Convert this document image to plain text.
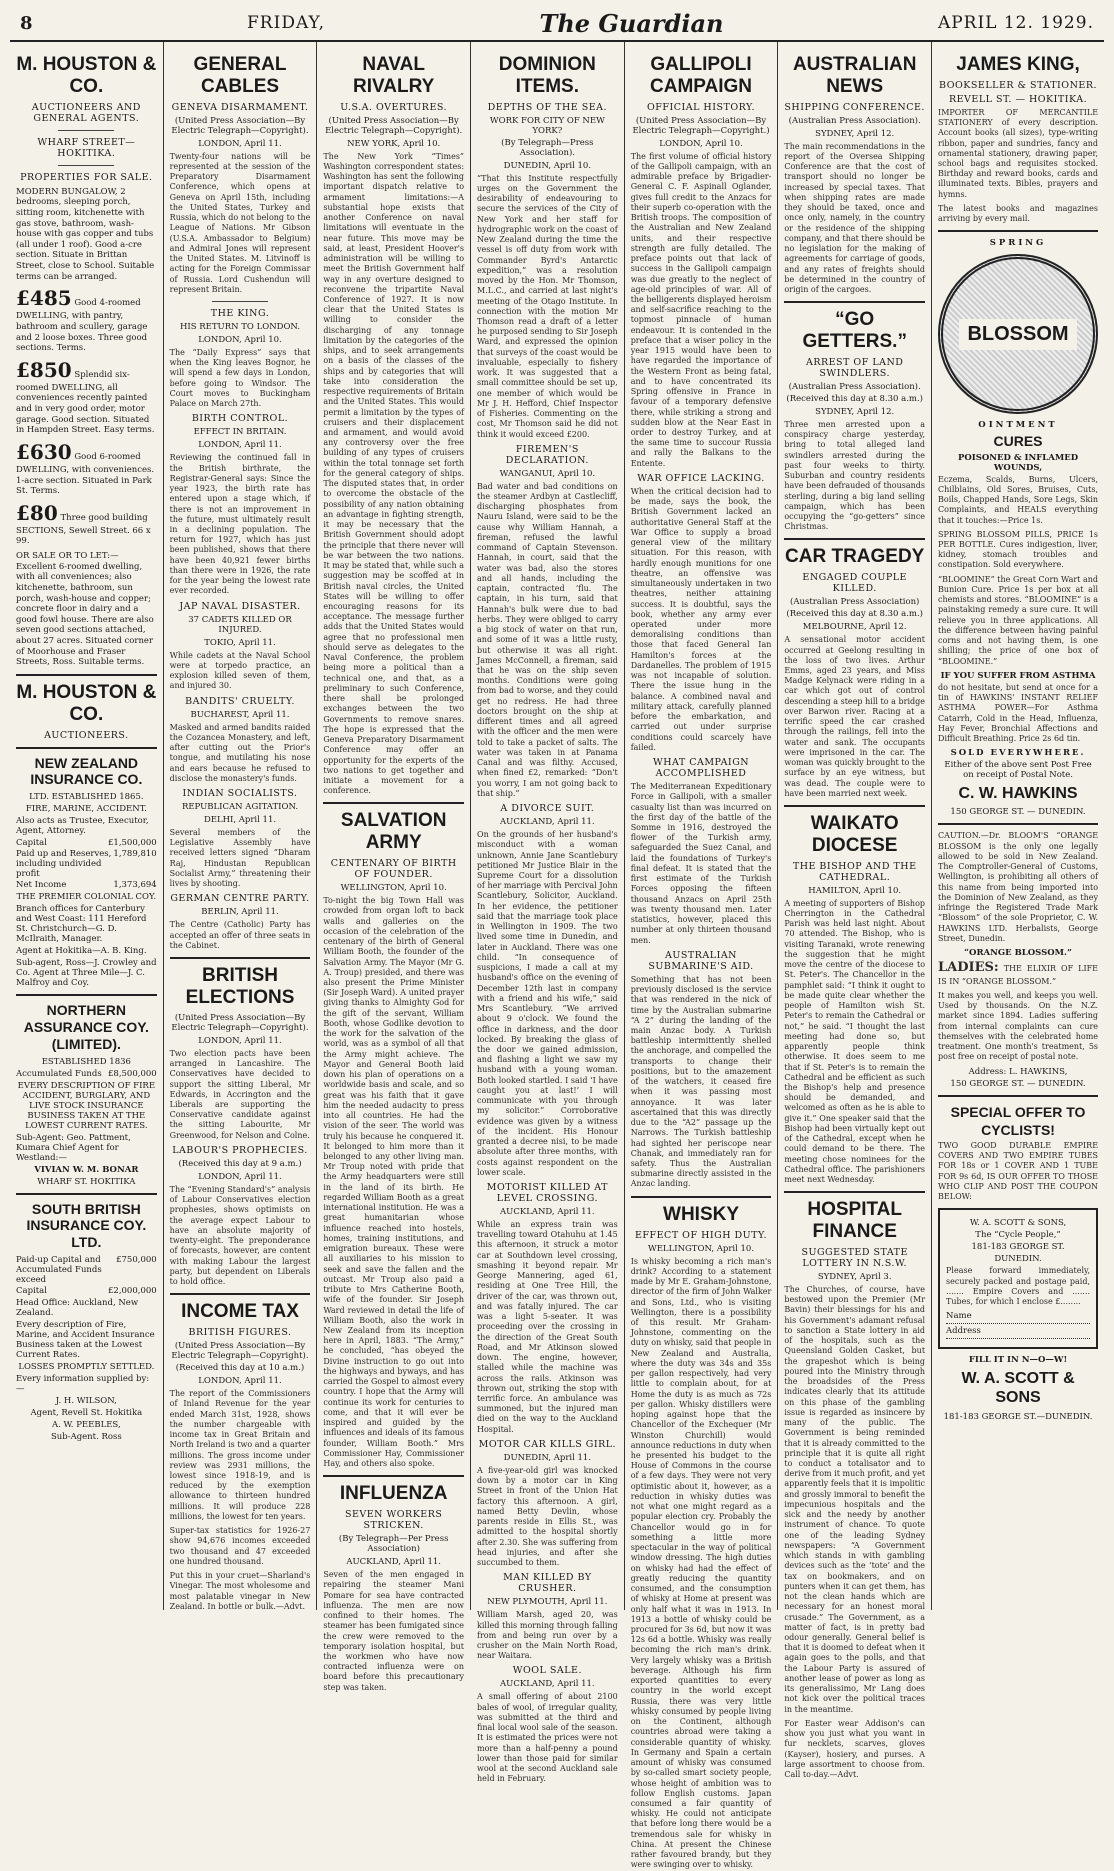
8	FRIDAY,	The Guardian	APRIL 12. 1929.
M. HOUSTON & CO.
AUCTIONEERS AND GENERAL AGENTS.
WHARF STREET—HOKITIKA.
PROPERTIES FOR SALE.
MODERN BUNGALOW, 2 bedrooms, sleeping porch, sitting room, kitchenette with gas stove, bathroom, wash-house with gas copper and tubs (all under 1 roof). Good a-cre section. Situate in Brittan Street, close to School. Suitable terms can be arranged.
£485 Good 4-roomed DWELLING, with pantry, bathroom and scullery, garage and 2 loose boxes. Three good sections. Terms.
£850 Splendid six-roomed DWELLING, all conveniences recently painted and in very good order, motor garage. Good section. Situated in Hampden Street. Easy terms.
£630 Good 6-roomed DWELLING, with conveniences. 1-acre section. Situated in Park St. Terms.
£80 Three good building SECTIONS, Sewell Street. 66 x 99.
OR SALE OR TO LET:—Excellent 6-roomed dwelling, with all conveniences; also kitchenette, bathroom, sun porch, wash-house and copper; concrete floor in dairy and a good fowl house. There are also seven good sections attached, about 27 acres. Situated corner of Moorhouse and Fraser Streets, Ross. Suitable terms.
M. HOUSTON & CO.
AUCTIONEERS.
NEW ZEALAND INSURANCE CO.
LTD. ESTABLISHED 1865.
FIRE, MARINE, ACCIDENT.
Also acts as Trustee, Executor, Agent, Attorney.
Capital	£1,500,000
Paid up and Reserves, including undivided profit
1,789,810
Net Income	1,373,694
THE PREMIER COLONIAL COY.
Branch offices for Canterbury and West Coast: 111 Hereford St. Christchurch—G. D. McIlraith, Manager.
Agent at Hokitika—A. B. King.
Sub-agent, Ross—J. Crowley and Co. Agent at Three Mile—J. C. Malfroy and Coy.
NORTHERN ASSURANCE COY. (LIMITED).
ESTABLISHED 1836
Accumulated Funds £8,500,000
EVERY DESCRIPTION OF FIRE ACCIDENT, BURGLARY, AND LIVE STOCK INSURANCE BUSINESS TAKEN AT THE LOWEST CURRENT RATES.
Sub-Agent: Geo. Pattment, Kumara Chief Agent for Westland:—
VIVIAN W. M. BONAR
WHARF ST. HOKITIKA
SOUTH BRITISH INSURANCE COY. LTD.
Paid-up Capital and Accumulated Funds exceed
£750,000
Capital	£2,000,000
Head Office: Auckland, New Zealand.
Every description of Fire, Marine, and Accident Insurance Business taken at the Lowest Current Rates.
LOSSES PROMPTLY SETTLED.
Every information supplied by:—
J. H. WILSON,
Agent, Revell St. Hokitika
A. W. PEEBLES,
Sub-Agent. Ross
GENERAL CABLES
GENEVA DISARMAMENT.
(United Press Association—By Electric Telegraph—Copyright).
LONDON, April 11.
Twenty-four nations will be represented at the session of the Preparatory Disarmament Conference, which opens at Geneva on April 15th, including the United States, Turkey and Russia, which do not belong to the League of Nations. Mr Gibson (U.S.A. Ambassador to Belgium) and Admiral Jones will represent the United States. M. Litvinoff is acting for the Foreign Commissar of Russia. Lord Cushendun will represent Britain.
THE KING.
HIS RETURN TO LONDON.
LONDON, April 10.
The “Daily Express” says that when the King leaves Bognor, he will spend a few days in London, before going to Windsor. The Court moves to Buckingham Palace on March 27th.
BIRTH CONTROL.
EFFECT IN BRITAIN.
LONDON, April 11.
Reviewing the continued fall in the British birthrate, the Registrar-General says: Since the year 1923, the birth rate has entered upon a stage which, if there is not an improvement in the future, must ultimately result in a declining population. The return for 1927, which has just been published, shows that there have been 40,921 fewer births than there were in 1926, the rate for the year being the lowest rate ever recorded.
JAP NAVAL DISASTER.
37 CADETS KILLED OR INJURED.
TOKIO, April 11.
While cadets at the Naval School were at torpedo practice, an explosion killed seven of them, and injured 30.
BANDITS' CRUELTY.
BUCHAREST, April 11.
Masked and armed bandits raided the Cozancea Monastery, and left, after cutting out the Prior's tongue, and mutilating his nose and ears because he refused to disclose the monastery's funds.
INDIAN SOCIALISTS.
REPUBLICAN AGITATION.
DELHI, April 11.
Several members of the Legislative Assembly have received letters signed “Dharam Raj, Hindustan Republican Socialist Army,” threatening their lives by shooting.
GERMAN CENTRE PARTY.
BERLIN, April 11.
The Centre (Catholic) Party has accepted an offer of three seats in the Cabinet.
BRITISH ELECTIONS
(United Press Association—By Electric Telegraph—Copyright).
LONDON, April 11.
Two election pacts have been arranged in Lancashire. The Conservatives have decided to support the sitting Liberal, Mr Edwards, in Accrington and the Liberals are supporting the Conservative candidate against the sitting Labourite, Mr Greenwood, for Nelson and Colne.
LABOUR'S PROPHECIES.
(Received this day at 9 a.m.)
LONDON, April 11.
The “Evening Standard's” analysis of Labour Conservatives election prophesies, shows optimists on the average expect Labour to have an absolute majority of twenty-eight. The preponderance of forecasts, however, are content with making Labour the largest party, but dependent on Liberals to hold office.
INCOME TAX
BRITISH FIGURES.
(United Press Association—By Electric Telegraph—Copyright).
(Received this day at 10 a.m.)
LONDON, April 11.
The report of the Commissioners of Inland Revenue for the year ended March 31st, 1928, shows the number chargeable with income tax in Great Britain and North Ireland is two and a quarter millions. The gross income under review was 2931 millions, the lowest since 1918-19, and is reduced by the exemption allowance to thirteen hundred millions. It will produce 228 millions, the lowest for ten years.
Super-tax statistics for 1926-27 show 94,676 incomes exceeded two thousand and 47 exceeded one hundred thousand.
Put this in your cruet—Sharland's Vinegar. The most wholesome and most palatable vinegar in New Zealand. In bottle or bulk.—Advt.
NAVAL RIVALRY
U.S.A. OVERTURES.
(United Press Association—By Electric Telegraph—Copyright).
NEW YORK, April 10.
The New York “Times” Washington correspondent states: Washington has sent the following important dispatch relative to armament limitations:—A substantial hope exists that another Conference on naval limitations will eventuate in the near future. This move may be said, at least, President Hoover's administration will be willing to meet the British Government half way in any overture designed to reconvene the tripartite Naval Conference of 1927. It is now clear that the United States is willing to consider the discharging of any tonnage limitation by the categories of the ships, and to seek arrangements on a basis of the classes of the ships and by categories that will take into consideration the respective requirements of Britain and the United States. This would permit a limitation by the types of cruisers and their displacement and armament, and would avoid any controversy over the free building of any types of cruisers within the total tonnage set forth for the general category of ships. The disputed states that, in order to overcome the obstacle of the possibility of any nation obtaining an advantage in fighting strength, it may be necessary that the British Government should adopt the principle that there never will be war between the two nations. It may be stated that, while such a suggestion may be scoffed at in British naval circles, the United States will be willing to offer encouraging reasons for its acceptance. The message further adds that the United States would agree that no professional men should serve as delegates to the Naval Conference, the problem being more a political than a technical one, and that, as a preliminary to such Conference, there shall be prolonged exchanges between the two Governments to remove snares. The hope is expressed that the Geneva Preparatory Disarmament Conference may offer an opportunity for the experts of the two nations to get together and initiate a movement for a conference.
SALVATION ARMY
CENTENARY OF BIRTH OF FOUNDER.
WELLINGTON, April 10.
To-night the big Town Hall was crowded from organ loft to back walls and galleries on the occasion of the celebration of the centenary of the birth of General William Booth, the founder of the Salvation Army. The Mayor (Mr G. A. Troup) presided, and there was also present the Prime Minister (Sir Joseph Ward). A united prayer giving thanks to Almighty God for the gift of the servant, William Booth, whose Godlike devotion to the work for the salvation of the world, was as a symbol of all that the Army might achieve. The Mayor and General Booth laid down his plan of operations on a worldwide basis and scale, and so great was his faith that it gave him the needed audacity to press into all countries. He had the vision of the seer. The world was truly his because he conquered it. It belonged to him more than it belonged to any other living man. Mr Troup noted with pride that the Army headquarters were still in the land of its birth. He regarded William Booth as a great international institution. He was a great humanitarian whose influence reached into hostels, homes, training institutions, and emigration bureaux. These were all auxiliaries to his mission to seek and save the fallen and the outcast. Mr Troup also paid a tribute to Mrs Catherine Booth, wife of the founder. Sir Joseph Ward reviewed in detail the life of William Booth, also the work in New Zealand from its inception here in April, 1883. “The Army,” he concluded, “has obeyed the Divine instruction to go out into the highways and byways, and has carried the Gospel to almost every country. I hope that the Army will continue its work for centuries to come, and that it will ever be inspired and guided by the influences and ideals of its famous founder, William Booth.” Mrs Commissioner Hay, Commissioner Hay, and others also spoke.
INFLUENZA
SEVEN WORKERS STRICKEN.
(By Telegraph—Per Press Association)
AUCKLAND, April 11.
Seven of the men engaged in repairing the steamer Mani Pomare for sea have contracted influenza. The men are now confined to their homes. The steamer has been fumigated since the crew were removed to the temporary isolation hospital, but the workmen who have now contracted influenza were on board before this precautionary step was taken.
DOMINION ITEMS.
DEPTHS OF THE SEA.
WORK FOR CITY OF NEW YORK?
(By Telegraph—Press Association).
DUNEDIN, April 10.
“That this Institute respectfully urges on the Government the desirability of endeavouring to secure the services of the City of New York and her staff for hydrographic work on the coast of New Zealand during the time the vessel is off duty from work with Commander Byrd's Antarctic expedition,” was a resolution moved by the Hon. Mr Thomson, M.L.C., and carried at last night's meeting of the Otago Institute. In connection with the motion Mr Thomson read a draft of a letter he purposed sending to Sir Joseph Ward, and expressed the opinion that surveys of the coast would be invaluable, especially to fishery work. It was suggested that a small committee should be set up, one member of which would be Mr J. H. Hefford, Chief Inspector of Fisheries. Commenting on the cost, Mr Thomson said he did not think it would exceed £200.
FIREMEN'S DECLARATION.
WANGANUI, April 10.
Bad water and bad conditions on the steamer Ardbyn at Castlecliff, discharging phosphates from Nauru Island, were said to be the cause why William Hannah, a fireman, refused the lawful command of Captain Stevenson. Hannah, in court, said that the water was bad, also the stores and all hands, including the captain, contracted ‘flu. The captain, in his turn, said that Hannah's bulk were due to bad herbs. They were obliged to carry a big stock of water on that run, and some of it was a little rusty, but otherwise it was all right. James McConnell, a fireman, said that he was on the ship seven months. Conditions were going from bad to worse, and they could get no redress. He had three doctors brought on the ship at different times and all agreed with the officer and the men were told to take a packet of salts. The water was taken in at Panama Canal and was filthy. Accused, when fined £2, remarked: “Don't you worry, I am not going back to that ship.”
A DIVORCE SUIT.
AUCKLAND, April 11.
On the grounds of her husband's misconduct with a woman unknown, Annie Jane Scantlebury petitioned Mr Justice Blair in the Supreme Court for a dissolution of her marriage with Percival John Scantlebury, Solicitor, Auckland. In her evidence, the petitioner said that the marriage took place in Wellington in 1909. The two lived some time in Dunedin, and later in Auckland. There was one child. “In consequence of suspicions, I made a call at my husband's office on the evening of December 12th last in company with a friend and his wife,” said Mrs Scantlebury. “We arrived about 9 o'clock. We found the office in darkness, and the door locked. By breaking the glass of the door we gained admission, and flashing a light we saw my husband with a young woman. Both looked startled. I said ‘I have caught you at last!’ I will communicate with you through my solicitor.” Corroborative evidence was given by a witness of the incident. His Honour granted a decree nisi, to be made absolute after three months, with costs against respondent on the lower scale.
MOTORIST KILLED AT LEVEL CROSSING.
AUCKLAND, April 11.
While an express train was travelling toward Otahuhu at 1.45 this afternoon, it struck a motor car at Southdown level crossing, smashing it beyond repair. Mr George Mannering, aged 61, residing at One Tree Hill, the driver of the car, was thrown out, and was fatally injured. The car was a light 5-seater. It was proceeding over the crossing in the direction of the Great South Road, and Mr Atkinson slowed down. The engine, however, stalled while the machine was across the rails. Atkinson was thrown out, striking the stop with terrific force. An ambulance was summoned, but the injured man died on the way to the Auckland Hospital.
MOTOR CAR KILLS GIRL.
DUNEDIN, April 11.
A five-year-old girl was knocked down by a motor car in King Street in front of the Union Hat factory this afternoon. A girl, named Betty Devlin, whose parents reside in Ellis St., was admitted to the hospital shortly after 2.30. She was suffering from head injuries, and after she succumbed to them.
MAN KILLED BY CRUSHER.
NEW PLYMOUTH, April 11.
William Marsh, aged 20, was killed this morning through falling from and being run over by a crusher on the Main North Road, near Waitara.
WOOL SALE.
AUCKLAND, April 11.
A small offering of about 2100 bales of wool, of irregular quality, was submitted at the third and final local wool sale of the season. It is estimated the prices were not more than a half-penny a pound lower than those paid for similar wool at the second Auckland sale held in February.
GALLIPOLI CAMPAIGN
OFFICIAL HISTORY.
(United Press Association—By Electric Telegraph—Copyright.)
LONDON, April 10.
The first volume of official history of the Gallipoli campaign, with an admirable preface by Brigadier-General C. F. Aspinall Oglander, gives full credit to the Anzacs for their superb co-operation with the British troops. The composition of the Australian and New Zealand units, and their respective strength are fully detailed. The preface points out that lack of success in the Gallipoli campaign was due greatly to the neglect of age-old principles of war. All of the belligerents displayed heroism and self-sacrifice reaching to the topmost pinnacle of human endeavour. It is contended in the preface that a wiser policy in the year 1915 would have been to have regarded the importance of the Western Front as being fatal, and to have concentrated its Spring offensive in France in favour of a temporary defensive there, while striking a strong and sudden blow at the Near East in order to destroy Turkey, and at the same time to succour Russia and rally the Balkans to the Entente.
WAR OFFICE LACKING.
When the critical decision had to be made, says the book, the British Government lacked an authoritative General Staff at the War Office to supply a broad general view of the military situation. For this reason, with hardly enough munitions for one theatre, an offensive was simultaneously undertaken in two theatres, neither attaining success. It is doubtful, says the book, whether any army ever operated under more demoralising conditions than those that faced General Ian Hamilton's forces at the Dardanelles. The problem of 1915 was not incapable of solution. There the issue hung in the balance. A combined naval and military attack, carefully planned before the embarkation, and carried out under surprise conditions could scarcely have failed.
WHAT CAMPAIGN ACCOMPLISHED
The Mediterranean Expeditionary Force in Gallipoli, with a smaller casualty list than was incurred on the first day of the battle of the Somme in 1916, destroyed the flower of the Turkish army, safeguarded the Suez Canal, and laid the foundations of Turkey's final defeat. It is stated that the first estimate of the Turkish Forces opposing the fifteen thousand Anzacs on April 25th was twenty thousand men. Later statistics, however, placed this number at only thirteen thousand men.
AUSTRALIAN SUBMARINE'S AID.
Something that has not been previously disclosed is the service that was rendered in the nick of time by the Australian submarine “A 2” during the landing of the main Anzac body. A Turkish battleship intermittently shelled the anchorage, and compelled the transports to change their positions, but to the amazement of the watchers, it ceased fire when it was passing most annoyance. It was later ascertained that this was directly due to the “A2” passage up the Narrows. The Turkish battleship had sighted her periscope near Chanak, and immediately ran for safety. Thus the Australian submarine directly assisted in the Anzac landing.
WHISKY
EFFECT OF HIGH DUTY.
WELLINGTON, April 10.
Is whisky becoming a rich man's drink? According to a statement made by Mr E. Graham-Johnstone, director of the firm of John Walker and Sons, Ltd., who is visiting Wellington, there is a possibility of this result. Mr Graham-Johnstone, commenting on the duty on whisky, said that people in New Zealand and Australia, where the duty was 34s and 35s per gallon respectively, had very little to complain about, for at Home the duty is as much as 72s per gallon. Whisky distillers were hoping against hope that the Chancellor of the Exchequer (Mr Winston Churchill) would announce reductions in duty when he presented his budget to the House of Commons in the course of a few days. They were not very optimistic about it, however, as a reduction in whisky duties was not what one might regard as a popular election cry. Probably the Chancellor would go in for something a little more spectacular in the way of political window dressing. The high duties on whisky had had the effect of greatly reducing the quantity consumed, and the consumption of whisky at Home at present was only half what it was in 1913. In 1913 a bottle of whisky could be procured for 3s 6d, but now it was 12s 6d a bottle. Whisky was really becoming the rich man's drink. Very largely whisky was a British beverage. Although his firm exported quantities to every country in the world except Russia, there was very little whisky consumed by people living on the Continent, although countries abroad were taking a considerable quantity of whisky. In Germany and Spain a certain amount of whisky was consumed by so-called smart society people, whose height of ambition was to follow English customs. Japan consumed a fair quantity of whisky. He could not anticipate that before long there would be a tremendous sale for whisky in China. At present the Chinese rather favoured brandy, but they were swinging over to whisky.
AUSTRALIAN NEWS
SHIPPING CONFERENCE.
(Australian Press Association).
SYDNEY, April 12.
The main recommendations in the report of the Oversea Shipping Conference are that the cost of transport should no longer be increased by special taxes. That when shipping rates are made they should be taxed, once and once only, namely, in the country or the residence of the shipping company, and that there should be no legislation for the making of agreements for carriage of goods, and any rates of freights should be determined in the country of origin of the cargoes.
“GO GETTERS.”
ARREST OF LAND SWINDLERS.
(Australian Press Association).
(Received this day at 8.30 a.m.)
SYDNEY, April 12.
Three men arrested upon a conspiracy charge yesterday, bring to total alleged land swindlers arrested during the past four weeks to thirty. Suburban and country residents have been defrauded of thousands sterling, during a big land selling campaign, which has been occupying the “go-getters” since Christmas.
CAR TRAGEDY
ENGAGED COUPLE KILLED.
(Australian Press Association)
(Received this day at 8.30 a.m.)
MELBOURNE, April 12.
A sensational motor accident occurred at Geelong resulting in the loss of two lives. Arthur Emms, aged 23 years, and Miss Madge Kelynack were riding in a car which got out of control descending a steep hill to a bridge over Barwon river. Racing at a terrific speed the car crashed through the railings, fell into the water and sank. The occupants were imprisoned in the car. The woman was quickly brought to the surface by an eye witness, but was dead. The couple were to have been married next week.
WAIKATO DIOCESE
THE BISHOP AND THE CATHEDRAL.
HAMILTON, April 10.
A meeting of supporters of Bishop Cherrington in the Cathedral Parish was held last night. About 70 attended. The Bishop, who is visiting Taranaki, wrote renewing the suggestion that he might move the centre of the diocese to St. Peter's. The Chancellor in the pamphlet said: “I think it ought to be made quite clear whether the people of Hamilton wish St. Peter's to remain the Cathedral or not,” he said. “I thought the last meeting had done so, but apparently people think otherwise. It does seem to me that if St. Peter's is to remain the Cathedral and be efficient as such the Bishop's help and presence should be demanded, and welcomed as often as he is able to give it.” One speaker said that the Bishop had been virtually kept out of the Cathedral, except when he could demand to be there. The meeting chose nominees for the Cathedral office. The parishioners meet next Wednesday.
HOSPITAL FINANCE
SUGGESTED STATE LOTTERY IN N.S.W.
SYDNEY, April 3.
The Churches, of course, have bestowed upon the Premier (Mr Bavin) their blessings for his and his Government's adamant refusal to sanction a State lottery in aid of the hospitals, such as the Queensland Golden Casket, but the grapeshot which is being poured into the Ministry through the broadsides of the Press indicates clearly that its attitude on this phase of the gambling issue is regarded as insincere by many of the public. The Government is being reminded that it is already committed to the principle that it is quite all right to conduct a totalisator and to derive from it much profit, and yet apparently feels that it is impolitic and grossly immoral to benefit the impecunious hospitals and the sick and the needy by another instrument of chance. To quote one of the leading Sydney newspapers: “A Government which stands in with gambling devices such as the ‘tote’ and the tax on bookmakers, and on punters when it can get them, has not the clean hands which are necessary for an honest moral crusade.” The Government, as a matter of fact, is in pretty bad odour generally. General belief is that it is doomed to defeat when it again goes to the polls, and that the Labour Party is assured of another lease of power as long as its generalissimo, Mr Lang does not kick over the political traces in the meantime.
For Easter wear Addison's can show you just what you want in fur necklets, scarves, gloves (Kayser), hosiery, and purses. A large assortment to choose from. Call to-day.—Advt.
JAMES KING,
BOOKSELLER & STATIONER.
REVELL ST. — HOKITIKA.
IMPORTER OF MERCANTILE STATIONERY of every description. Account books (all sizes), type-writing ribbon, paper and sundries, fancy and ornamental stationery, drawing paper, school bags and requisites stocked. Birthday and reward books, cards and illuminated texts. Bibles, prayers and hymns.
The latest books and magazines arriving by every mail.
SPRING
BLOSSOM
OINTMENT
CURES
POISONED & INFLAMED WOUNDS,
Eczema, Scalds, Burns, Ulcers, Chilblains, Old Sores, Bruises, Cuts, Boils, Chapped Hands, Sore Legs, Skin Complaints, and HEALS everything that it touches:—Price 1s.
SPRING BLOSSOM PILLS, PRICE 1s PER BOTTLE. Cures indigestion, liver, kidney, stomach troubles and constipation. Sold everywhere.
“BLOOMINE” the Great Corn Wart and Bunion Cure. Price 1s per box at all chemists and stores. “BLOOMINE” is a painstaking remedy a sure cure. It will relieve you in three applications. All the difference between having painful corns and not having them, is one shilling; the price of one box of “BLOOMINE.”
IF YOU SUFFER FROM ASTHMA
do not hesitate, but send at once for a tin of HAWKINS' INSTANT RELIEF ASTHMA POWER—For Asthma Catarrh, Cold in the Head, Influenza, Hay Fever, Bronchial Affections and Difficult Breathing. Price 2s 6d tin.
SOLD EVERYWHERE.
Either of the above sent Post Free on receipt of Postal Note.
C. W. HAWKINS
150 GEORGE ST. — DUNEDIN.
CAUTION.—Dr. BLOOM'S “ORANGE BLOSSOM is the only one legally allowed to be sold in New Zealand. The Comptroller-General of Customs, Wellington, is prohibiting all others of this name from being imported into the Dominion of New Zealand, as they infringe the Registered Trade Mark “Blossom” of the sole Proprietor, C. W. HAWKINS LTD. Herbalists, George Street, Dunedin.
“ORANGE BLOSSOM.”
LADIES: THE ELIXIR OF LIFE IS IN “ORANGE BLOSSOM.”
It makes you well, and keeps you well. Used by thousands. On the N.Z. market since 1894. Ladies suffering from internal complaints can cure themselves with the celebrated home treatment. One month's treatment, 5s post free on receipt of postal note.
Address: L. HAWKINS,
150 GEORGE ST. — DUNEDIN.
SPECIAL OFFER TO CYCLISTS!
TWO GOOD DURABLE EMPIRE COVERS AND TWO EMPIRE TUBES FOR 18s or 1 COVER AND 1 TUBE FOR 9s 6d, IS OUR OFFER TO THOSE WHO CLIP AND POST THE COUPON BELOW:
W. A. SCOTT & SONS,
The “Cycle People,”
181-183 GEORGE ST.
DUNEDIN.
Please forward immediately, securely packed and postage paid, ....... Empire Covers and ....... Tubes, for which I enclose £........
Name
Address
FILL IT IN N—O—W!
W. A. SCOTT & SONS
181-183 GEORGE ST.—DUNEDIN.
